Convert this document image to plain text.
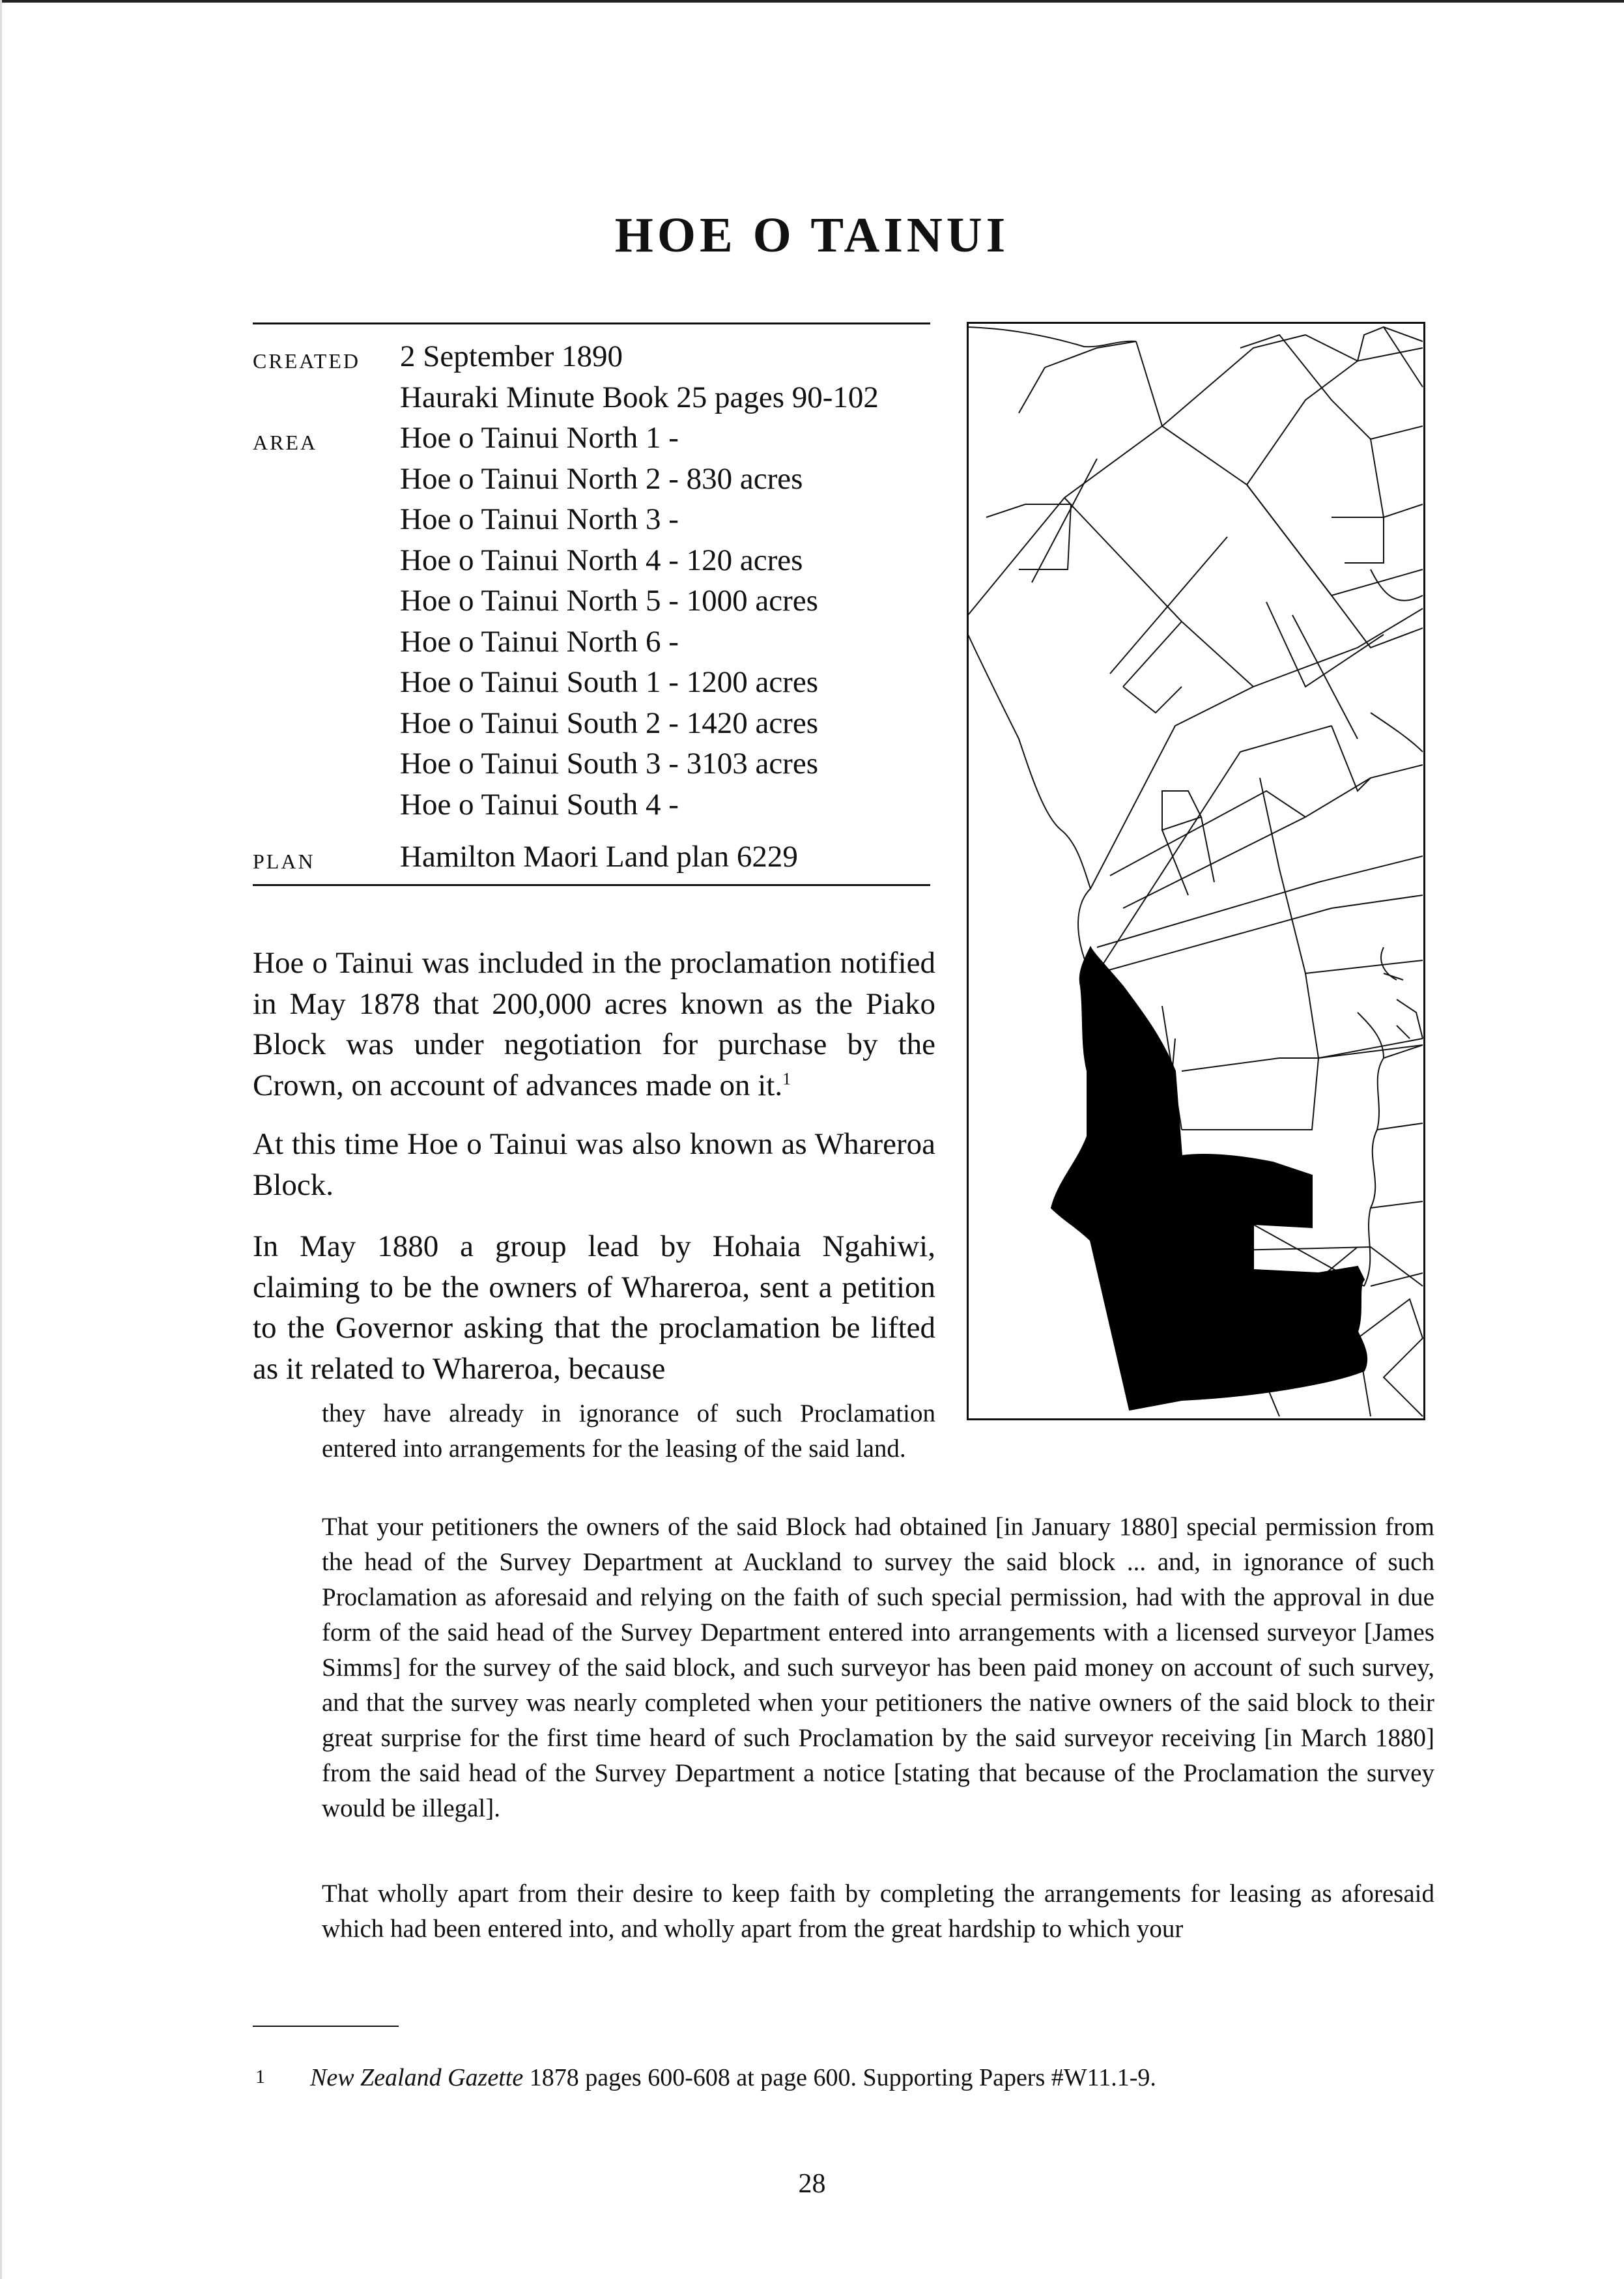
HOE O TAINUI
CREATED 2 September 1890
Hauraki Minute Book 25 pages 90-102
AREA	Hoe o Tainui North 1 -
Hoe o Tainui North 2 - 830 acres
Hoe o Tainui North 3 -
Hoe o Tainui North 4 - 120 acres
Hoe o Tainui North 5 - 1000 acres
Hoe o Tainui North 6 -
Hoe o Tainui South 1 - 1200 acres
Hoe o Tainui South 2 - 1420 acres
Hoe o Tainui South 3 - 3103 acres
Hoe o Tainui South 4 -
PLAN	Hamilton Maori Land plan 6229
Hoe o Tainui was included in the proclamation notified in May 1878 that 200,000 acres known as the Piako Block was under negotiation for purchase by the Crown, on account of advances made on it.$^1$
At this time Hoe o Tainui was also known as Whareroa Block.
In May 1880 a group lead by Hohaia Ngahiwi, claiming to be the owners of Whareroa, sent a petition to the Governor asking that the proclamation be lifted as it related to Whareroa, because
they have already in ignorance of such Proclamation entered into arrangements for the leasing of the said land.
That your petitioners the owners of the said Block had obtained [in January 1880] special permission from the head of the Survey Department at Auckland to survey the said block ... and, in ignorance of such Proclamation as aforesaid and relying on the faith of such special permission, had with the approval in due form of the said head of the Survey Department entered into arrangements with a licensed surveyor [James Simms] for the survey of the said block, and such surveyor has been paid money on account of such survey, and that the survey was nearly completed when your petitioners the native owners of the said block to their great surprise for the first time heard of such Proclamation by the said surveyor receiving [in March 1880] from the said head of the Survey Department a notice [stating that because of the Proclamation the survey would be illegal].
That wholly apart from their desire to keep faith by completing the arrangements for leasing as aforesaid which had been entered into, and wholly apart from the great hardship to which your
1 New Zealand Gazette 1878 pages 600-608 at page 600. Supporting Papers #W11.1-9.
28
